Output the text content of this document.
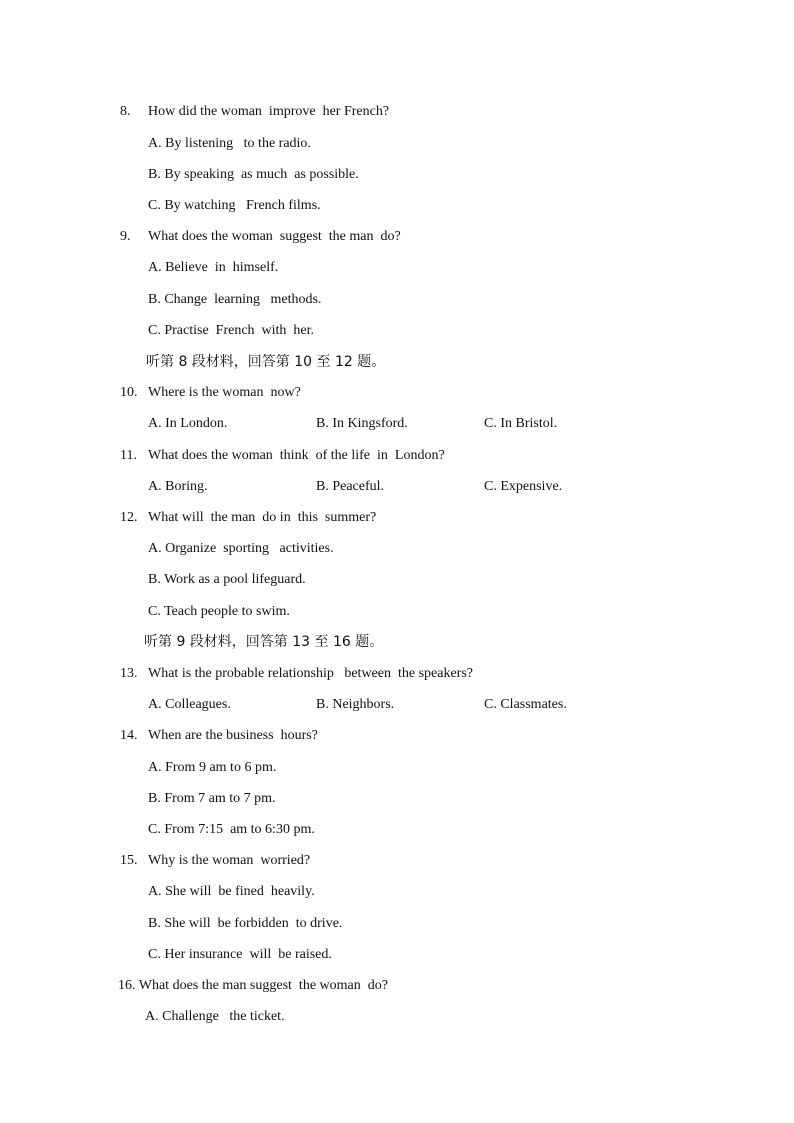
8. How did the woman  improve  her French?
A. By listening   to the radio.
B. By speaking  as much  as possible.
C. By watching   French films.
9. What does the woman  suggest  the man  do?
A. Believe  in  himself.
B. Change  learning   methods.
C. Practise  French  with  her.
听第 8 段材料，回答第 10 至 12 题。
10. Where is the woman  now?
A. In London.	B. In Kingsford.	C. In Bristol.
11. What does the woman  think  of the life  in  London?
A. Boring.	B. Peaceful.	C. Expensive.
12. What will  the man  do in  this  summer?
A. Organize  sporting   activities.
B. Work as a pool lifeguard.
C. Teach people to swim.
听第 9 段材料，回答第 13 至 16 题。
13. What is the probable relationship   between  the speakers?
A. Colleagues.	B. Neighbors.	C. Classmates.
14. When are the business  hours?
A. From 9 am to 6 pm.
B. From 7 am to 7 pm.
C. From 7:15  am to 6:30 pm.
15. Why is the woman  worried?
A. She will  be fined  heavily.
B. She will  be forbidden  to drive.
C. Her insurance  will  be raised.
16. What does the man suggest  the woman  do?
A. Challenge   the ticket.
